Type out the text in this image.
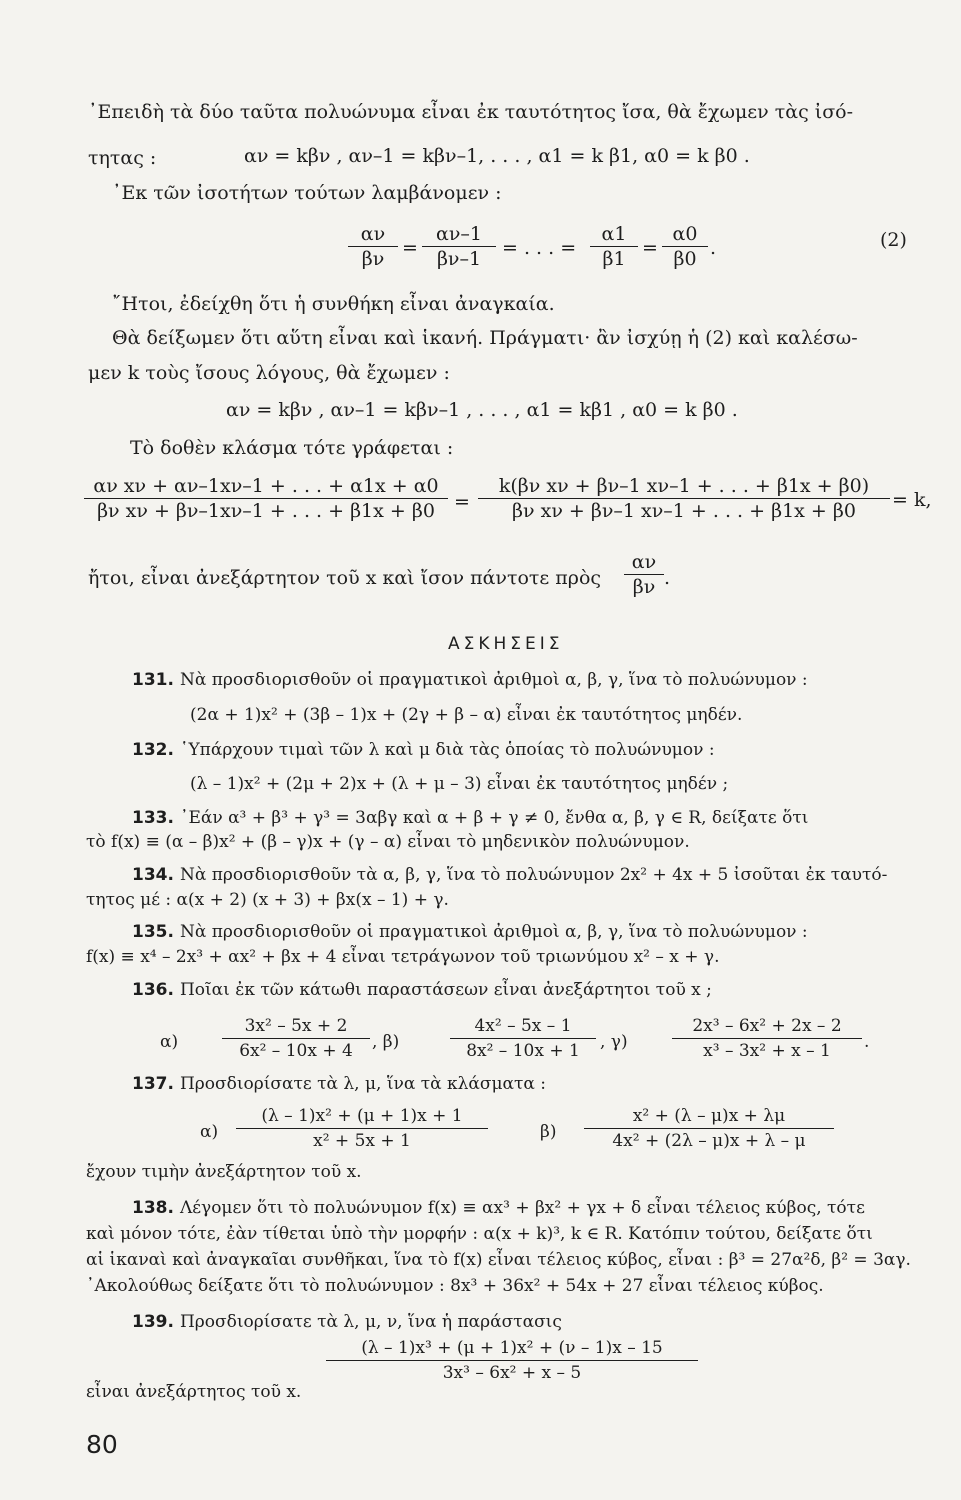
᾽Επειδὴ τὰ δύο ταῦτα πολυώνυμα εἶναι ἐκ ταυτότητος ἴσα, θὰ ἔχωμεν τὰς ἰσό-
τητας :	αν = kβν , αν–1 = kβν–1, . . . , α1 = k β1, α0 = k β0 .
᾽Εκ τῶν ἰσοτήτων τούτων λαμβάνομεν :
$\frac{\alpha\nu}{\beta\nu} = \frac{\alpha\nu-1}{\beta\nu-1}$ = . . . = $\frac{\alpha 1}{\beta 1} = \frac{\alpha 0}{\beta 0}$ .	(2)
῎Ητοι, ἐδείχθη ὅτι ἡ συνθήκη εἶναι ἀναγκαία.
Θὰ δείξωμεν ὅτι αὕτη εἶναι καὶ ἱκανή. Πράγματι· ἂν ἰσχύῃ ἡ (2) καὶ καλέσω-
μεν k τοὺς ἴσους λόγους, θὰ ἔχωμεν :
αν = kβν , αν–1 = kβν–1 , . . . , α1 = kβ1 , α0 = k β0 .
Τὸ δοθὲν κλάσμα τότε γράφεται :
$\frac{\text{αν xν + αν–1xν–1 + . . . + α1x + α0}}{\text{βν xν + βν–1xν–1 + . . . + β1x + β0}} = \frac{\text{k(βν xν + βν–1 xν–1 + . . . + β1x + β0)}}{\text{βν xν + βν–1 xν–1 + . . . + β1x + β0}} = k$,
ἤτοι, εἶναι ἀνεξάρτητον τοῦ x καὶ ἴσον πάντοτε πρὸς $\frac{\alpha\nu}{\beta\nu}$ .
ΑΣΚΗΣΕΙΣ
131. Νὰ προσδιορισθοῦν οἱ πραγματικοὶ ἀριθμοὶ α, β, γ, ἵνα τὸ πολυώνυμον :
(2α + 1)x² + (3β – 1)x + (2γ + β – α) εἶναι ἐκ ταυτότητος μηδέν.
132. ῾Υπάρχουν τιμαὶ τῶν λ καὶ μ διὰ τὰς ὁποίας τὸ πολυώνυμον :
(λ – 1)x² + (2μ + 2)x + (λ + μ – 3) εἶναι ἐκ ταυτότητος μηδέν ;
133. ᾽Εάν α³ + β³ + γ³ = 3αβγ καὶ α + β + γ ≠ 0, ἔνθα α, β, γ ∈ R, δείξατε ὅτι
τὸ f(x) ≡ (α – β)x² + (β – γ)x + (γ – α) εἶναι τὸ μηδενικὸν πολυώνυμον.
134. Νὰ προσδιορισθοῦν τὰ α, β, γ, ἵνα τὸ πολυώνυμον 2x² + 4x + 5 ἰσοῦται ἐκ ταυτό-
τητος μέ : α(x + 2) (x + 3) + βx(x – 1) + γ.
135. Νὰ προσδιορισθοῦν οἱ πραγματικοὶ ἀριθμοὶ α, β, γ, ἵνα τὸ πολυώνυμον :
f(x) ≡ x⁴ – 2x³ + αx² + βx + 4 εἶναι τετράγωνον τοῦ τριωνύμου x² – x + γ.
136. Ποῖαι ἐκ τῶν κάτωθι παραστάσεων εἶναι ἀνεξάρτητοι τοῦ x ;
α)	$\frac{\text{3x² – 5x + 2}}{\text{6x² – 10x + 4}}$ , β)	$\frac{\text{4x² – 5x – 1}}{\text{8x² – 10x + 1}}$ , γ)	$\frac{\text{2x³ – 6x² + 2x – 2}}{\text{x³ – 3x² + x – 1}}$ .
137. Προσδιορίσατε τὰ λ, μ, ἵνα τὰ κλάσματα :
$\alpha) \frac{\text{(λ – 1)x² + (μ + 1)x + 1}}{\text{x² + 5x + 1}}$	$\beta) \frac{\text{x² + (λ – μ)x + λμ}}{\text{4x² + (2λ – μ)x + λ – μ}}$
ἔχουν τιμὴν ἀνεξάρτητον τοῦ x.
138. Λέγομεν ὅτι τὸ πολυώνυμον f(x) ≡ αx³ + βx² + γx + δ εἶναι τέλειος κύβος, τότε
καὶ μόνον τότε, ἐὰν τίθεται ὑπὸ τὴν μορφήν : α(x + k)³, k ∈ R. Κατόπιν τούτου, δείξατε ὅτι
αἱ ἱκαναὶ καὶ ἀναγκαῖαι συνθῆκαι, ἵνα τὸ f(x) εἶναι τέλειος κύβος, εἶναι : β³ = 27α²δ, β² = 3αγ.
᾽Ακολούθως δείξατε ὅτι τὸ πολυώνυμον : 8x³ + 36x² + 54x + 27 εἶναι τέλειος κύβος.
139. Προσδιορίσατε τὰ λ, μ, ν, ἵνα ἡ παράστασις
$\frac{\text{(λ – 1)x³ + (μ + 1)x² + (ν – 1)x – 15}}{\text{3x³ – 6x² + x – 5}}$
εἶναι ἀνεξάρτητος τοῦ x.
80
